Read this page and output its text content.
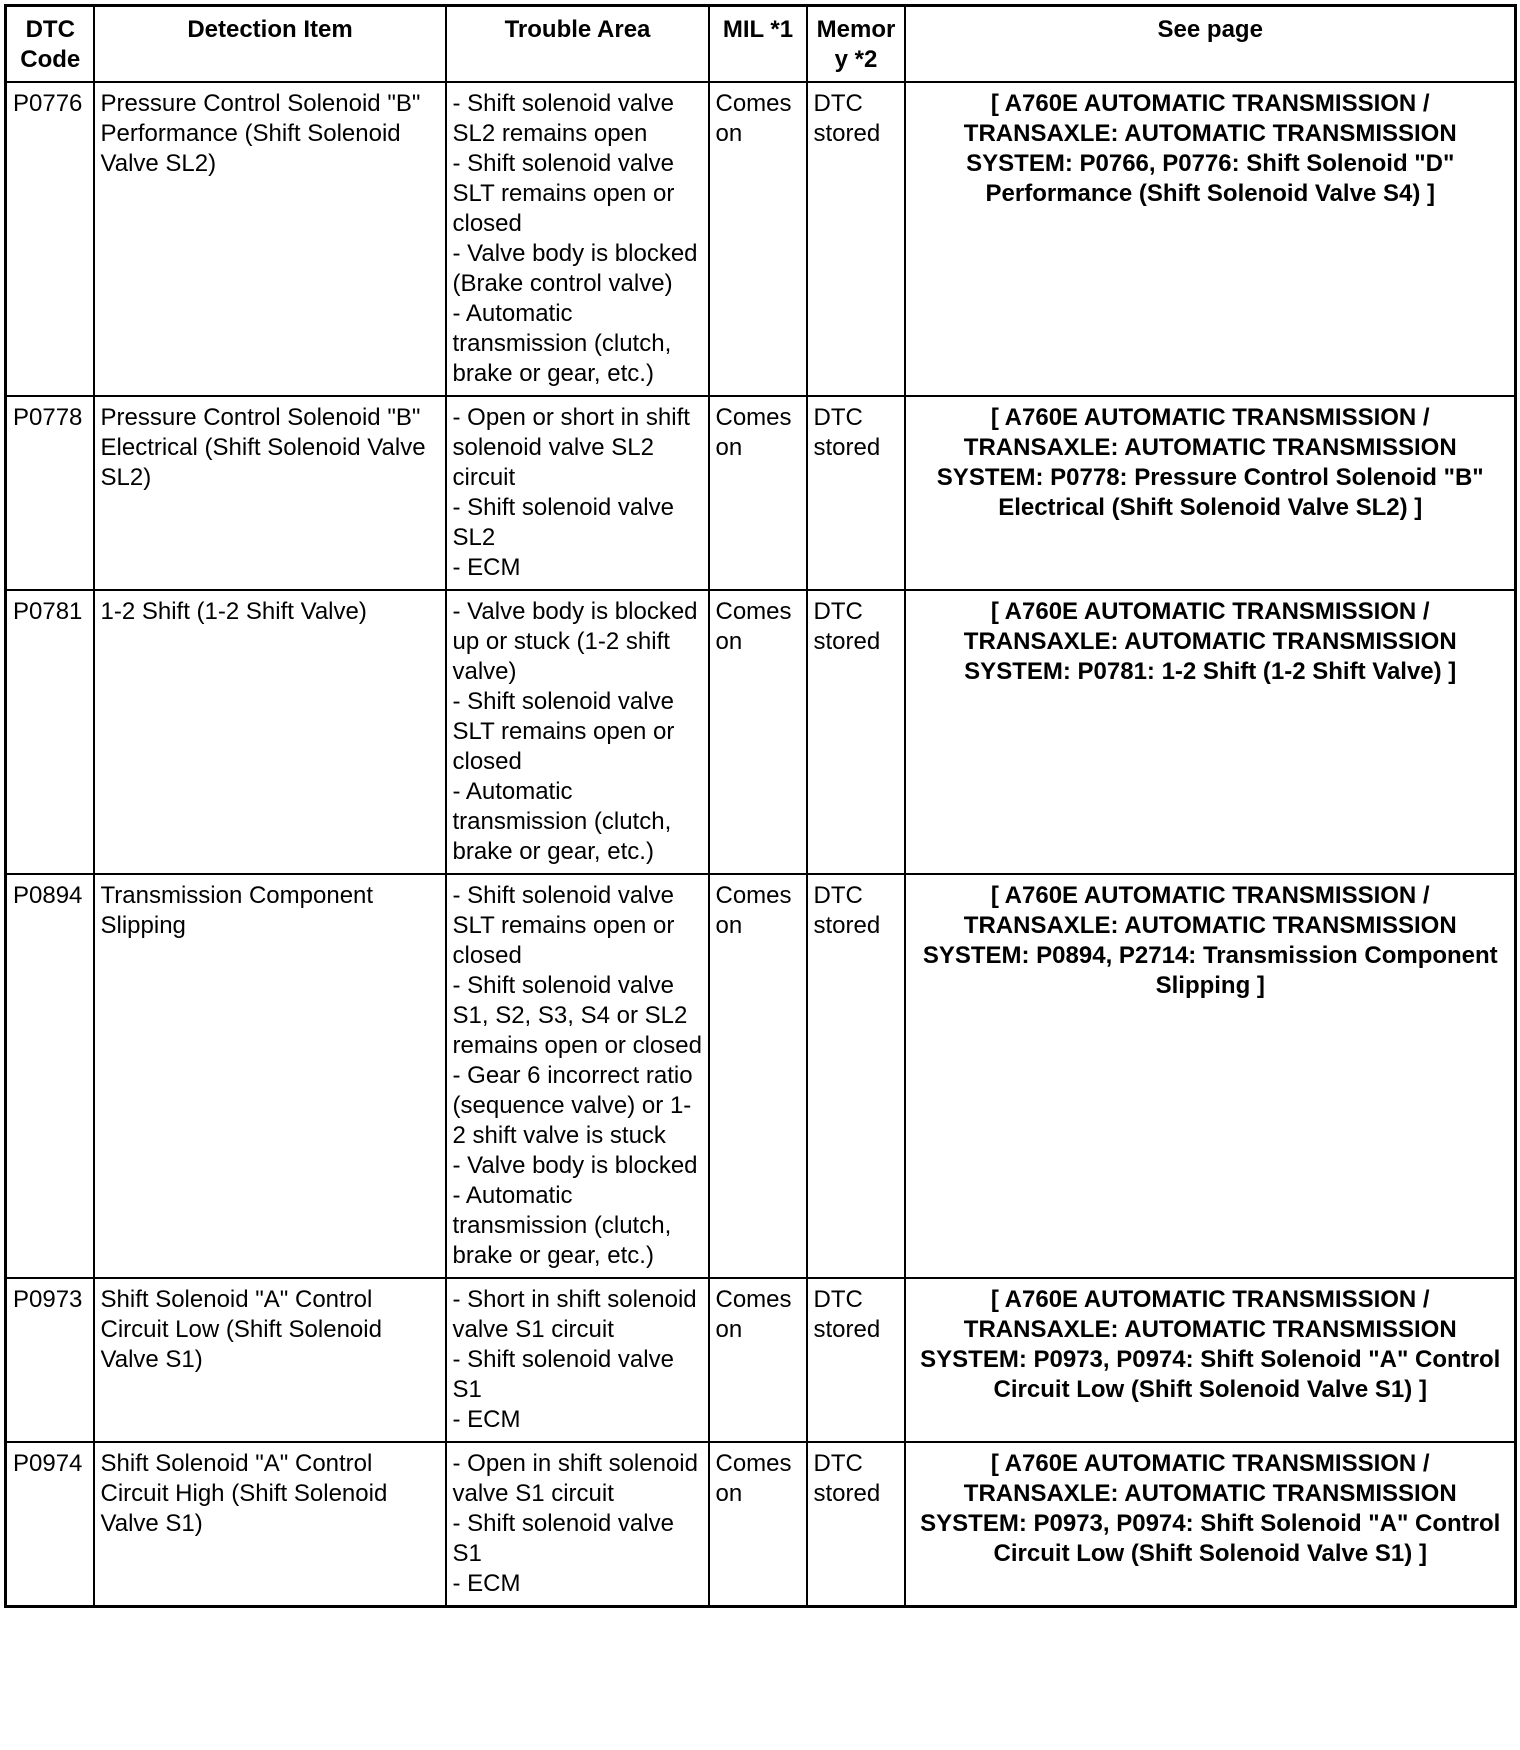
DTC Code	Detection Item	Trouble Area	MIL *1	Memory *2	See page
P0776	Pressure Control Solenoid "B" Performance (Shift Solenoid Valve SL2)	- Shift solenoid valve SL2 remains open
- Shift solenoid valve SLT remains open or closed
- Valve body is blocked (Brake control valve)
- Automatic transmission (clutch, brake or gear, etc.)	Comes on	DTC stored	[ A760E AUTOMATIC TRANSMISSION / TRANSAXLE: AUTOMATIC TRANSMISSION SYSTEM: P0766, P0776: Shift Solenoid "D" Performance (Shift Solenoid Valve S4) ]
P0778	Pressure Control Solenoid "B" Electrical (Shift Solenoid Valve SL2)	- Open or short in shift solenoid valve SL2 circuit
- Shift solenoid valve SL2
- ECM	Comes on	DTC stored	[ A760E AUTOMATIC TRANSMISSION / TRANSAXLE: AUTOMATIC TRANSMISSION SYSTEM: P0778: Pressure Control Solenoid "B" Electrical (Shift Solenoid Valve SL2) ]
P0781	1-2 Shift (1-2 Shift Valve)	- Valve body is blocked up or stuck (1-2 shift valve)
- Shift solenoid valve SLT remains open or closed
- Automatic transmission (clutch, brake or gear, etc.)	Comes on	DTC stored	[ A760E AUTOMATIC TRANSMISSION / TRANSAXLE: AUTOMATIC TRANSMISSION SYSTEM: P0781: 1-2 Shift (1-2 Shift Valve) ]
P0894	Transmission Component Slipping	- Shift solenoid valve SLT remains open or closed
- Shift solenoid valve S1, S2, S3, S4 or SL2 remains open or closed
- Gear 6 incorrect ratio (sequence valve) or 1-2 shift valve is stuck
- Valve body is blocked
- Automatic transmission (clutch, brake or gear, etc.)	Comes on	DTC stored	[ A760E AUTOMATIC TRANSMISSION / TRANSAXLE: AUTOMATIC TRANSMISSION SYSTEM: P0894, P2714: Transmission Component Slipping ]
P0973	Shift Solenoid "A" Control Circuit Low (Shift Solenoid Valve S1)	- Short in shift solenoid valve S1 circuit
- Shift solenoid valve S1
- ECM	Comes on	DTC stored	[ A760E AUTOMATIC TRANSMISSION / TRANSAXLE: AUTOMATIC TRANSMISSION SYSTEM: P0973, P0974: Shift Solenoid "A" Control Circuit Low (Shift Solenoid Valve S1) ]
P0974	Shift Solenoid "A" Control Circuit High (Shift Solenoid Valve S1)	- Open in shift solenoid valve S1 circuit
- Shift solenoid valve S1
- ECM	Comes on	DTC stored	[ A760E AUTOMATIC TRANSMISSION / TRANSAXLE: AUTOMATIC TRANSMISSION SYSTEM: P0973, P0974: Shift Solenoid "A" Control Circuit Low (Shift Solenoid Valve S1) ]
